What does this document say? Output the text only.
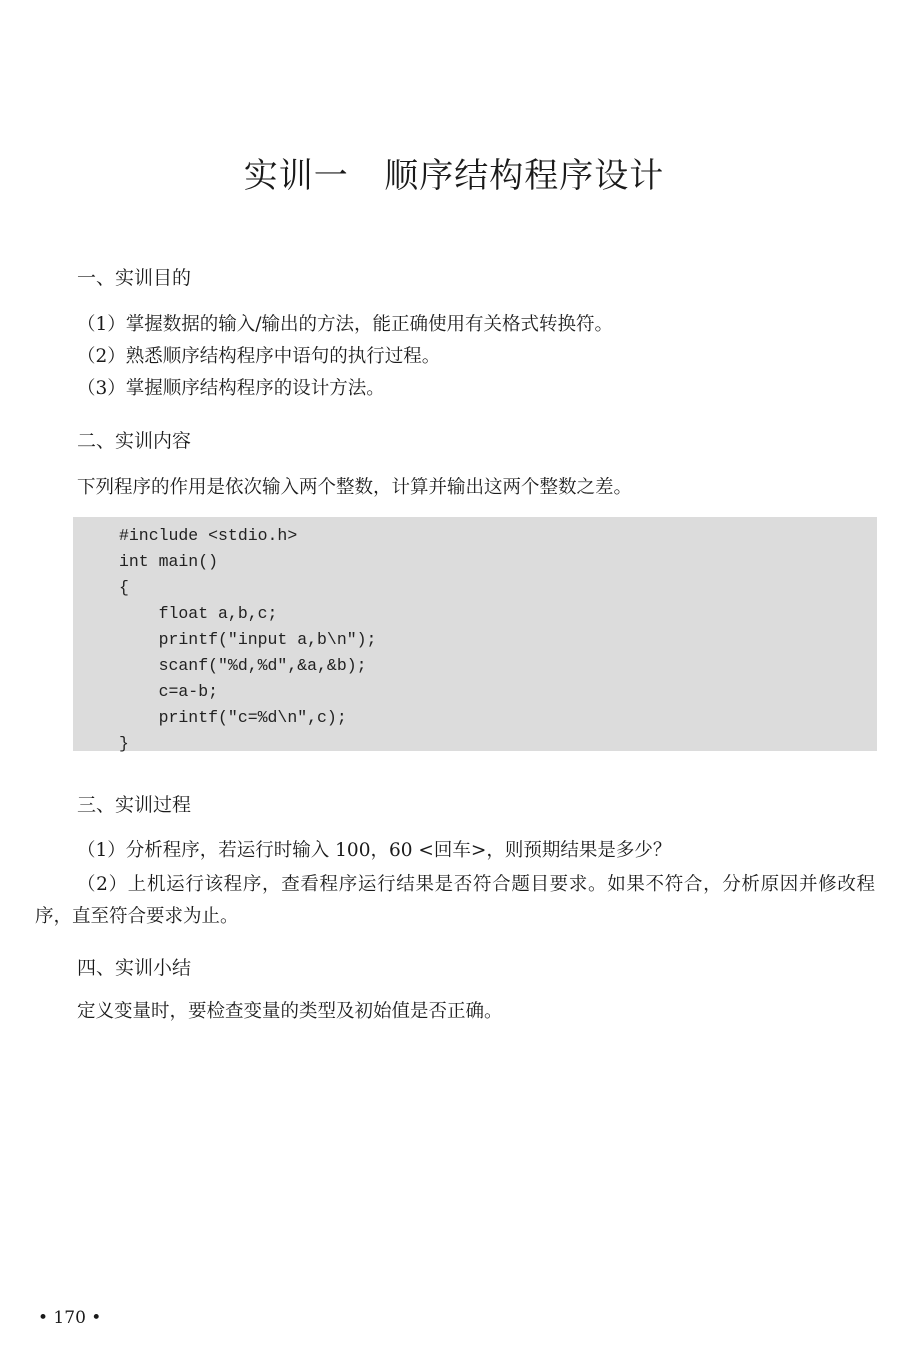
实训一   顺序结构程序设计
一、实训目的

（1）掌握数据的输入/输出的方法，能正确使用有关格式转换符。

（2）熟悉顺序结构程序中语句的执行过程。

（3）掌握顺序结构程序的设计方法。

二、实训内容

下列程序的作用是依次输入两个整数，计算并输出这两个整数之差。

#include <stdio.h>
int main()
{
float a,b,c;
printf("input a,b\n");
scanf("%d,%d",&a,&b);
c=a-b;
printf("c=%d\n",c);
}
三、实训过程

（1）分析程序，若运行时输入 100，60 <回车>，则预期结果是多少？

（2）上机运行该程序，查看程序运行结果是否符合题目要求。如果不符合，分析原因并修改程序，直至符合要求为止。

四、实训小结

定义变量时，要检查变量的类型及初始值是否正确。

• 170 •
